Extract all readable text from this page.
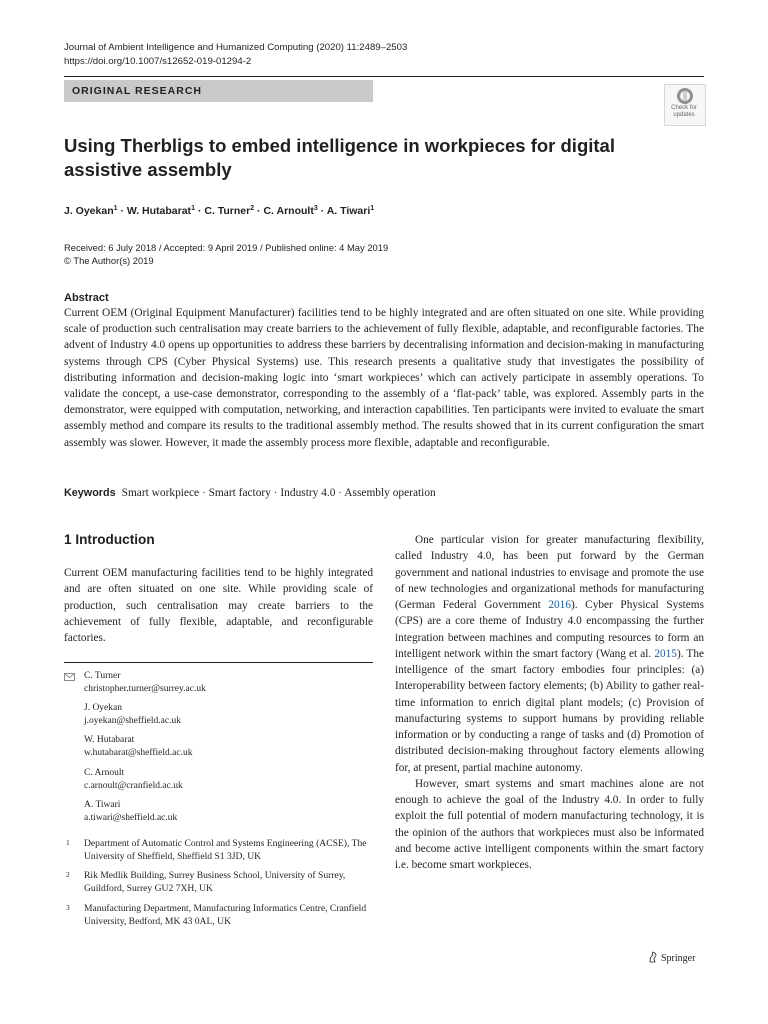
Journal of Ambient Intelligence and Humanized Computing (2020) 11:2489–2503
https://doi.org/10.1007/s12652-019-01294-2
ORIGINAL RESEARCH
Check for updates
Using Therbligs to embed intelligence in workpieces for digital assistive assembly
J. Oyekan$^1$ · W. Hutabarat$^1$ · C. Turner$^2$ · C. Arnoult$^3$ · A. Tiwari$^1$
Received: 6 July 2018 / Accepted: 9 April 2019 / Published online: 4 May 2019
© The Author(s) 2019
Abstract
Current OEM (Original Equipment Manufacturer) facilities tend to be highly integrated and are often situated on one site. While providing scale of production such centralisation may create barriers to the achievement of fully flexible, adaptable, and reconfigurable factories. The advent of Industry 4.0 opens up opportunities to address these barriers by decentralising information and decision-making in manufacturing systems through CPS (Cyber Physical Systems) use. This research presents a qualitative study that investigates the possibility of distributing information and decision-making logic into ‘smart workpieces’ which can actively participate in assembly operations. To validate the concept, a use-case demonstrator, corresponding to the assembly of a ‘flat-pack’ table, was explored. Assembly parts in the demonstrator, were equipped with computation, networking, and interaction capabilities. Ten participants were invited to evaluate the smart assembly method and compare its results to the traditional assembly method. The results showed that in its current configuration the smart assembly was slower. However, it made the assembly process more flexible, adaptable and reconfigurable.
Keywords Smart workpiece · Smart factory · Industry 4.0 · Assembly operation
1 Introduction
Current OEM manufacturing facilities tend to be highly integrated and are often situated on one site. While providing scale of production, such centralisation may create barriers to the achievement of fully flexible, adaptable, and reconfigurable factories.
C. Turner
christopher.turner@surrey.ac.uk
J. Oyekan
j.oyekan@sheffield.ac.uk
W. Hutabarat
w.hutabarat@sheffield.ac.uk
C. Arnoult
c.arnoult@cranfield.ac.uk
A. Tiwari
a.tiwari@sheffield.ac.uk
1 Department of Automatic Control and Systems Engineering (ACSE), The University of Sheffield, Sheffield S1 3JD, UK
2 Rik Medlik Building, Surrey Business School, University of Surrey, Guildford, Surrey GU2 7XH, UK
3 Manufacturing Department, Manufacturing Informatics Centre, Cranfield University, Bedford, MK 43 0AL, UK

One particular vision for greater manufacturing flexibility, called Industry 4.0, has been put forward by the German government and national industries to envisage and promote the use of new technologies and organizational methods for manufacturing (German Federal Government 2016). Cyber Physical Systems (CPS) are a core theme of Industry 4.0 encompassing the further integration between machines and computing resources to form an intelligent network within the smart factory (Wang et al. 2015). The intelligence of the smart factory embodies four principles: (a) Interoperability between factory elements; (b) Ability to gather real-time information to enrich digital plant models; (c) Provision of manufacturing systems to support humans by providing reliable information or by conducting a range of tasks and (d) Promotion of distributed decision-making throughout factory elements allowing for, at present, partial machine autonomy.

However, smart systems and smart machines alone are not enough to achieve the goal of the Industry 4.0. In order to fully exploit the full potential of modern manufacturing technology, it is the opinion of the authors that workpieces must also be informated and become active intelligent components within the smart factory i.e. become smart workpieces.

Springer
